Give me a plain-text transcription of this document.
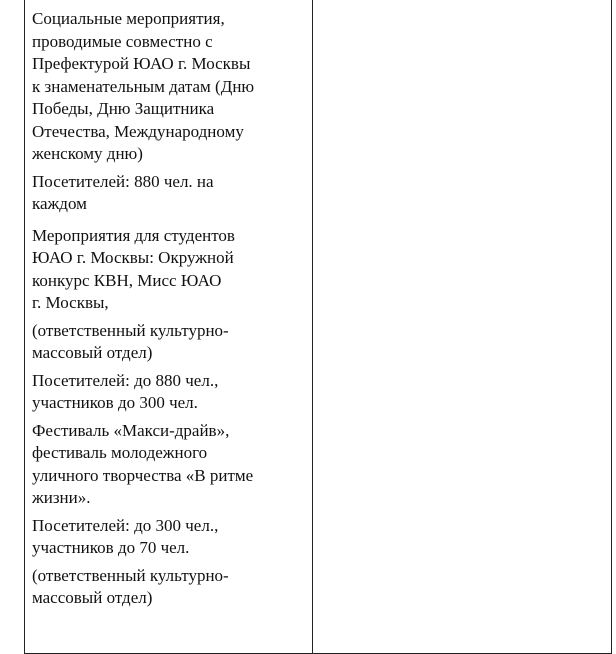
Социальные мероприятия,
проводимые совместно с
Префектурой ЮАО г. Москвы
к знаменательным датам (Дню
Победы, Дню Защитника
Отечества, Международному
женскому дню)

Посетителей: 880 чел. на
каждом

Мероприятия для студентов
ЮАО г. Москвы: Окружной
конкурс КВН, Мисс ЮАО
г. Москвы,

(ответственный культурно-
массовый отдел)

Посетителей: до 880 чел.,
участников до 300 чел.

Фестиваль «Макси-драйв»,
фестиваль молодежного
уличного творчества «В ритме
жизни».

Посетителей: до 300 чел.,
участников до 70 чел.

(ответственный культурно-
массовый отдел)
